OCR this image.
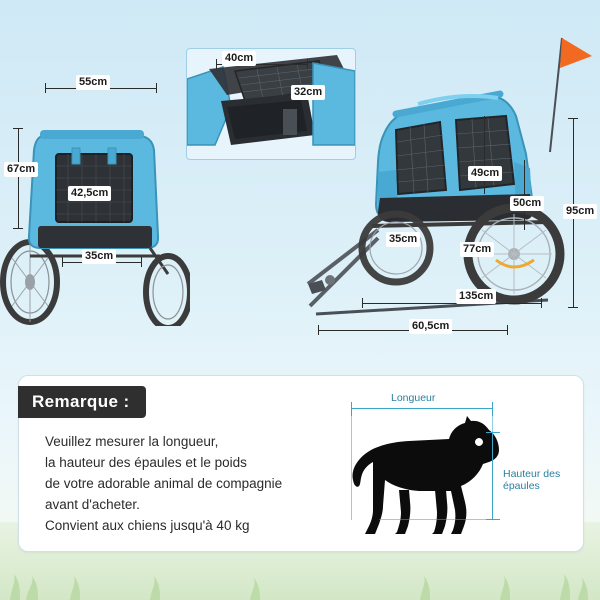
55cm
67cm
42,5cm
35cm
40cm
32cm
49cm
50cm
95cm
35cm
77cm
135cm
60,5cm
Remarque :
Veuillez mesurer la longueur,
la hauteur des épaules et le poids
de votre adorable animal de compagnie
avant d'acheter.
Convient aux chiens jusqu'à 40 kg
Longueur
Hauteur des
épaules
